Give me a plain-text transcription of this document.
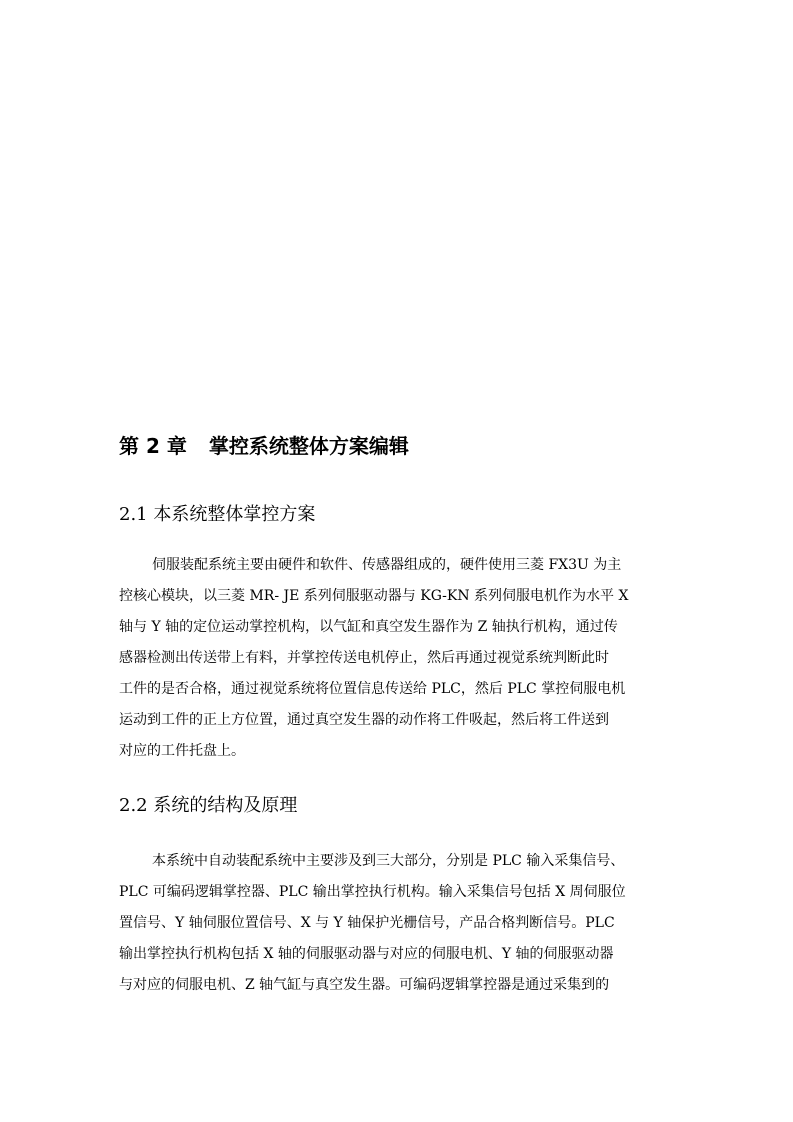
第 2 章 掌控系统整体方案编辑
2.1 本系统整体掌控方案

伺服装配系统主要由硬件和软件、传感器组成的，硬件使用三菱 FX3U 为主
控核心模块，以三菱 MR- JE 系列伺服驱动器与 KG-KN 系列伺服电机作为水平 X
轴与 Y 轴的定位运动掌控机构，以气缸和真空发生器作为 Z 轴执行机构，通过传
感器检测出传送带上有料，并掌控传送电机停止，然后再通过视觉系统判断此时
工件的是否合格，通过视觉系统将位置信息传送给 PLC，然后 PLC 掌控伺服电机
运动到工件的正上方位置，通过真空发生器的动作将工件吸起，然后将工件送到
对应的工件托盘上。

2.2 系统的结构及原理

本系统中自动装配系统中主要涉及到三大部分，分别是 PLC 输入采集信号、
PLC 可编码逻辑掌控器、PLC 输出掌控执行机构。输入采集信号包括 X 周伺服位
置信号、Y 轴伺服位置信号、X 与 Y 轴保护光栅信号，产品合格判断信号。PLC
输出掌控执行机构包括 X 轴的伺服驱动器与对应的伺服电机、Y 轴的伺服驱动器
与对应的伺服电机、Z 轴气缸与真空发生器。可编码逻辑掌控器是通过采集到的
